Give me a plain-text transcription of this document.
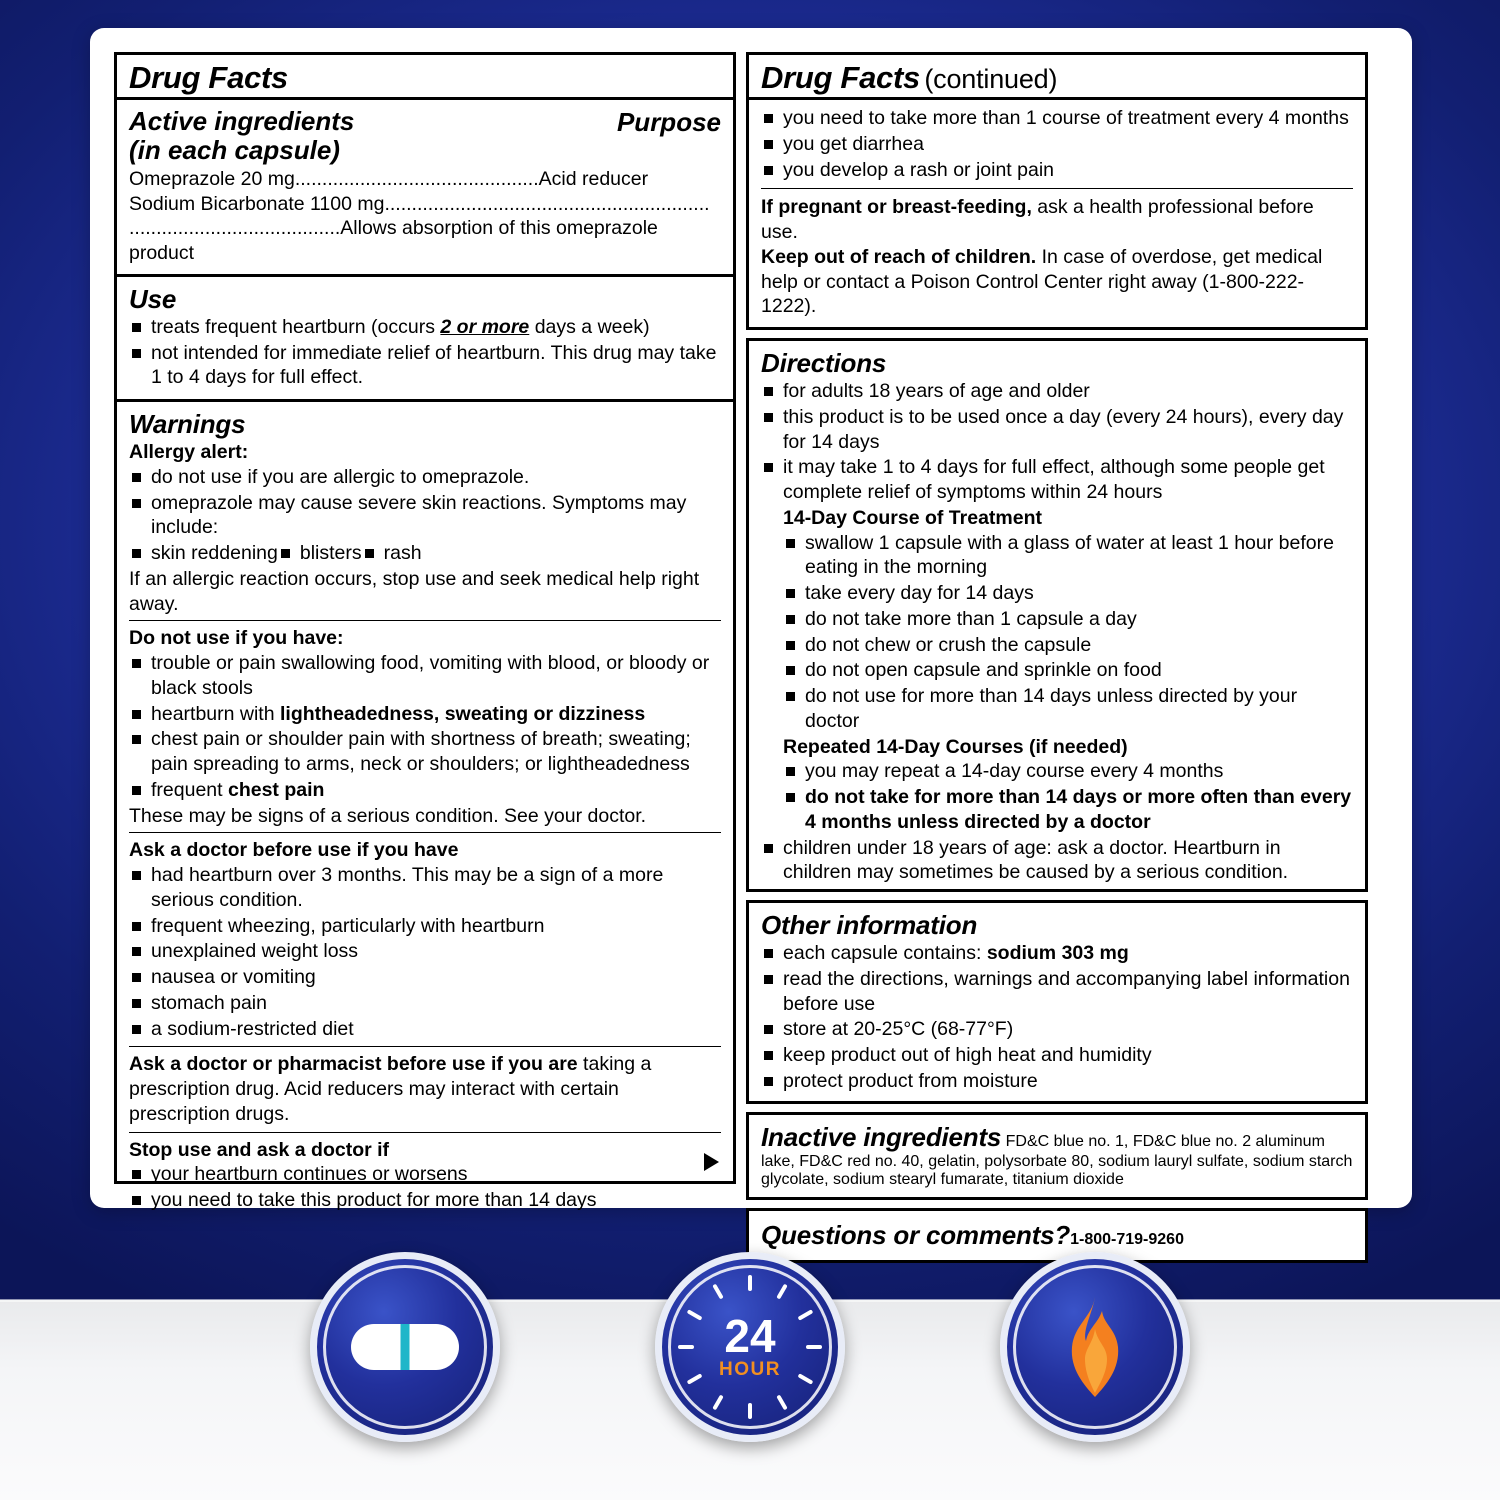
Drug Facts
Active ingredients
(in each capsule)
Purpose
Omeprazole 20 mg.............................................Acid reducer
Sodium Bicarbonate 1100 mg............................................................
.......................................Allows absorption of this omeprazole product
Use
treats frequent heartburn (occurs 2 or more days a week)
not intended for immediate relief of heartburn. This drug may take 1 to 4 days for full effect.
Warnings
Allergy alert:
do not use if you are allergic to omeprazole.
omeprazole may cause severe skin reactions. Symptoms may include:
skin reddening	blisters	rash
If an allergic reaction occurs, stop use and seek medical help right away.
Do not use if you have:
trouble or pain swallowing food, vomiting with blood, or bloody or black stools
heartburn with lightheadedness, sweating or dizziness
chest pain or shoulder pain with shortness of breath; sweating; pain spreading to arms, neck or shoulders; or lightheadedness
frequent chest pain
These may be signs of a serious condition. See your doctor.
Ask a doctor before use if you have
had heartburn over 3 months. This may be a sign of a more serious condition.
frequent wheezing, particularly with heartburn
unexplained weight loss
nausea or vomiting
stomach pain
a sodium-restricted diet
Ask a doctor or pharmacist before use if you are taking a prescription drug. Acid reducers may interact with certain prescription drugs.
Stop use and ask a doctor if
your heartburn continues or worsens
you need to take this product for more than 14 days
Drug Facts (continued)
you need to take more than 1 course of treatment every 4 months
you get diarrhea
you develop a rash or joint pain
If pregnant or breast-feeding, ask a health professional before use.
Keep out of reach of children. In case of overdose, get medical help or contact a Poison Control Center right away (1-800-222-1222).
Directions
for adults 18 years of age and older
this product is to be used once a day (every 24 hours), every day for 14 days
it may take 1 to 4 days for full effect, although some people get complete relief of symptoms within 24 hours
14-Day Course of Treatment
swallow 1 capsule with a glass of water at least 1 hour before eating in the morning
take every day for 14 days
do not take more than 1 capsule a day
do not chew or crush the capsule
do not open capsule and sprinkle on food
do not use for more than 14 days unless directed by your doctor
Repeated 14-Day Courses (if needed)
you may repeat a 14-day course every 4 months
do not take for more than 14 days or more often than every 4 months unless directed by a doctor
children under 18 years of age: ask a doctor. Heartburn in children may sometimes be caused by a serious condition.
Other information
each capsule contains: sodium 303 mg
read the directions, warnings and accompanying label information before use
store at 20-25°C (68-77°F)
keep product out of high heat and humidity
protect product from moisture
Inactive ingredients FD&C blue no. 1, FD&C blue no. 2 aluminum lake, FD&C red no. 40, gelatin, polysorbate 80, sodium lauryl sulfate, sodium starch glycolate, sodium stearyl fumarate, titanium dioxide
Questions or comments?1-800-719-9260
24
HOUR
